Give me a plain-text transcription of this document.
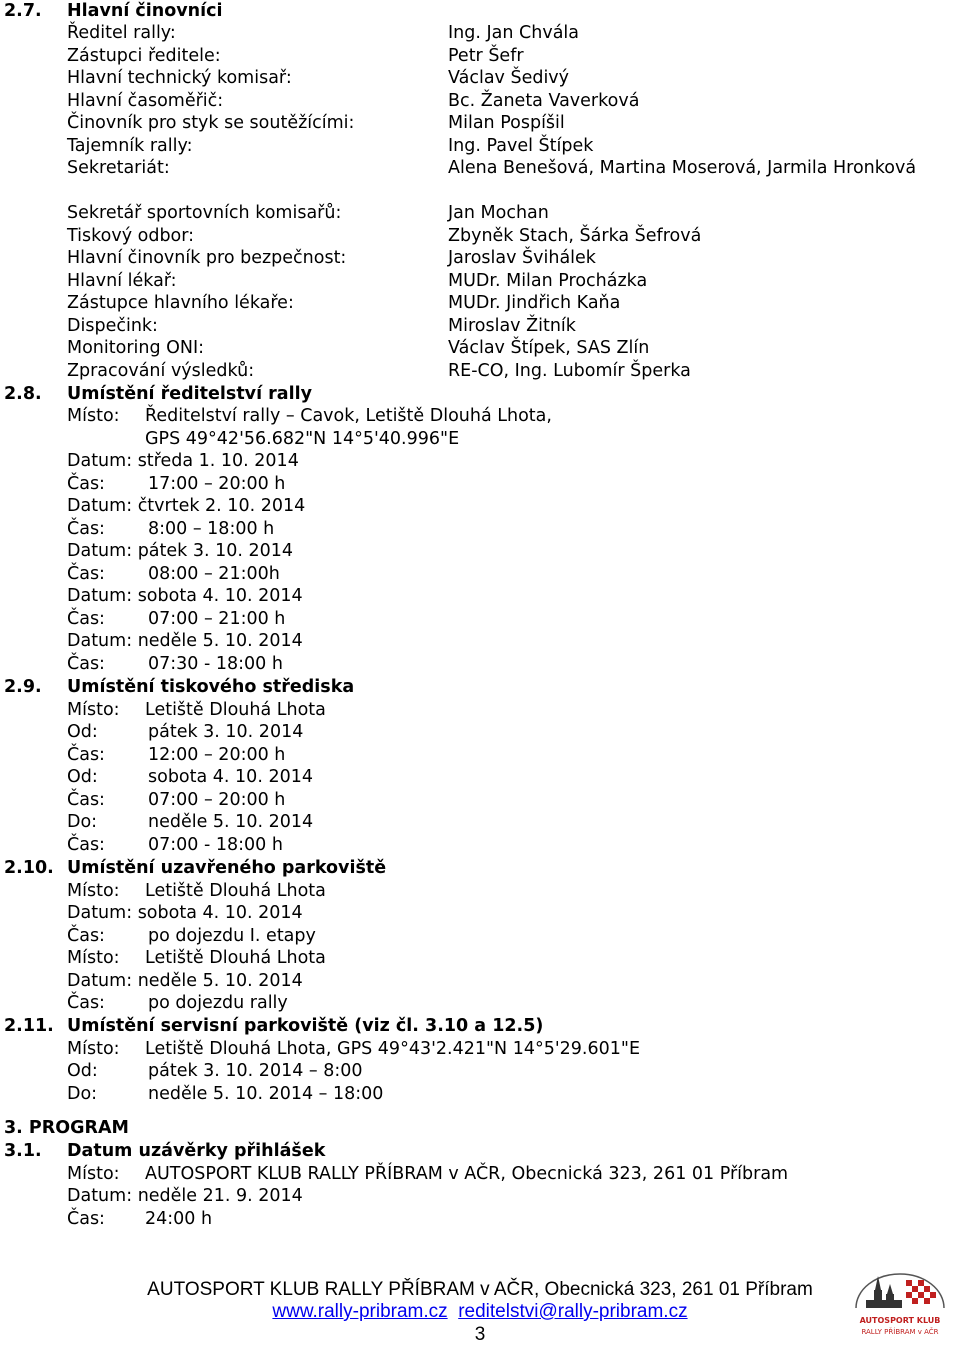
2.7. Hlavní činovníci
Ředitel rally:	Ing. Jan Chvála
Zástupci ředitele:	Petr Šefr
Hlavní technický komisař:	Václav Šedivý
Hlavní časoměřič:	Bc. Žaneta Vaverková
Činovník pro styk se soutěžícími:	Milan Pospíšil
Tajemník rally:	Ing. Pavel Štípek
Sekretariát:	Alena Benešová, Martina Moserová, Jarmila Hronková
Sekretář sportovních komisařů:	Jan Mochan
Tiskový odbor:	Zbyněk Stach, Šárka Šefrová
Hlavní činovník pro bezpečnost:	Jaroslav Švihálek
Hlavní lékař:	MUDr. Milan Procházka
Zástupce hlavního lékaře:	MUDr. Jindřich Kaňa
Dispečink:	Miroslav Žitník
Monitoring ONI:	Václav Štípek, SAS Zlín
Zpracování výsledků:	RE-CO, Ing. Lubomír Šperka
2.8. Umístění ředitelství rally
Místo: Ředitelství rally – Cavok, Letiště Dlouhá Lhota,
GPS 49°42'56.682"N 14°5'40.996"E
Datum: středa 1. 10. 2014
Čas: 17:00 – 20:00 h
Datum: čtvrtek 2. 10. 2014
Čas: 8:00 – 18:00 h
Datum: pátek 3. 10. 2014
Čas: 08:00 – 21:00h
Datum: sobota 4. 10. 2014
Čas: 07:00 – 21:00 h
Datum: neděle 5. 10. 2014
Čas: 07:30 - 18:00 h
2.9. Umístění tiskového střediska
Místo: Letiště Dlouhá Lhota
Od:	pátek 3. 10. 2014
Čas: 12:00 – 20:00 h
Od:	sobota 4. 10. 2014
Čas: 07:00 – 20:00 h
Do:	neděle 5. 10. 2014
Čas: 07:00 - 18:00 h
2.10. Umístění uzavřeného parkoviště
Místo: Letiště Dlouhá Lhota
Datum: sobota 4. 10. 2014
Čas: po dojezdu I. etapy
Místo: Letiště Dlouhá Lhota
Datum: neděle 5. 10. 2014
Čas: po dojezdu rally
2.11. Umístění servisní parkoviště (viz čl. 3.10 a 12.5)
Místo: Letiště Dlouhá Lhota, GPS 49°43'2.421"N 14°5'29.601"E
Od:	pátek 3. 10. 2014 – 8:00
Do:	neděle 5. 10. 2014 – 18:00
3. PROGRAM
3.1. Datum uzávěrky přihlášek
Místo: AUTOSPORT KLUB RALLY PŘÍBRAM v AČR, Obecnická 323, 261 01 Příbram
Datum: neděle 21. 9. 2014
Čas: 24:00 h
AUTOSPORT KLUB RALLY PŘÍBRAM v AČR, Obecnická 323, 261 01 Příbram
www.rally-pribram.cz reditelstvi@rally-pribram.cz
3
AUTOSPORT KLUB
RALLY PŘÍBRAM v AČR
